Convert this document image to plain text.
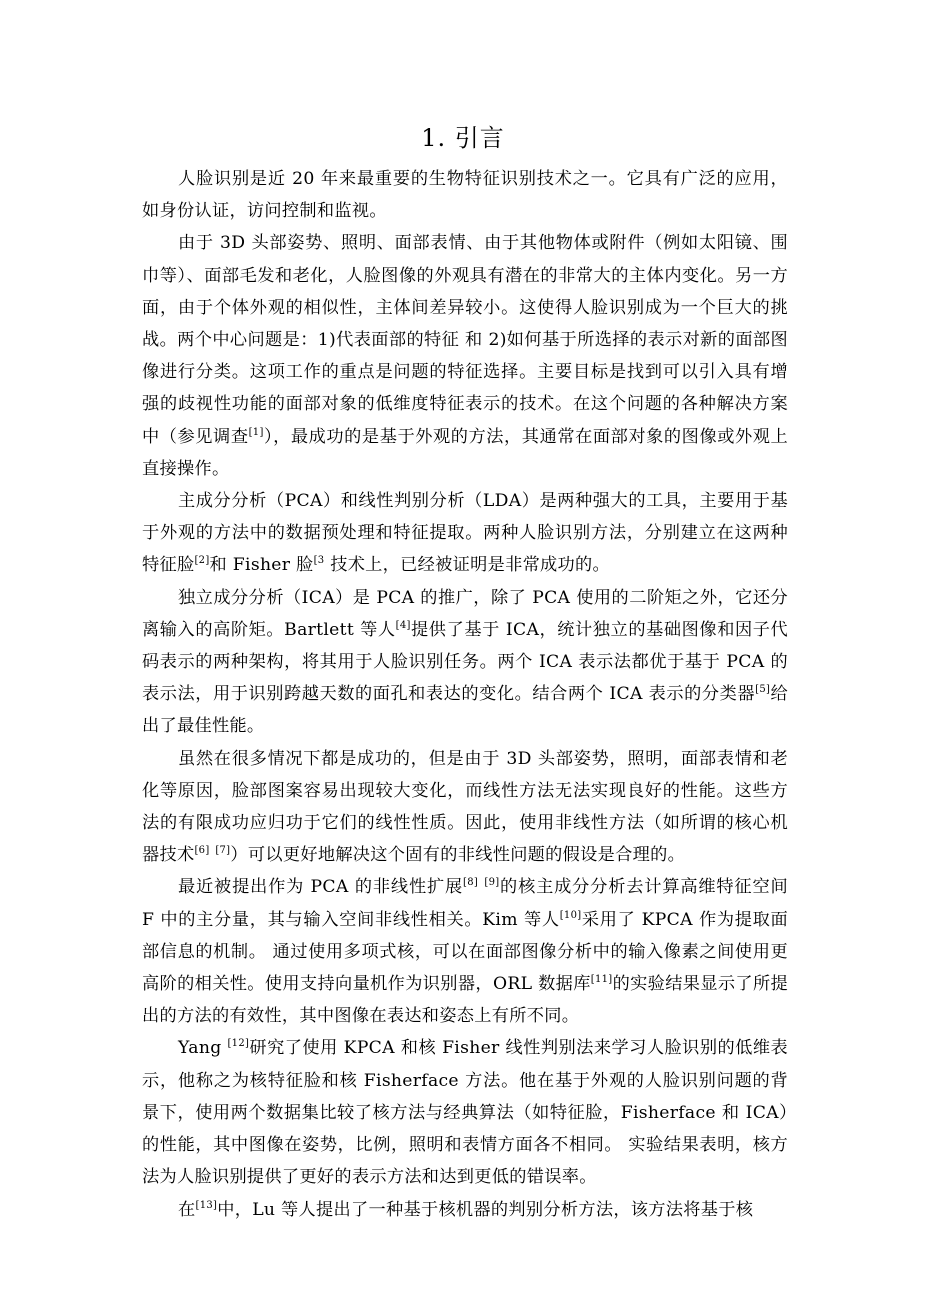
1. 引言

人脸识别是近 20 年来最重要的生物特征识别技术之一。它具有广泛的应用，如身份认证，访问控制和监视。

由于 3D 头部姿势、照明、面部表情、由于其他物体或附件（例如太阳镜、围巾等）、面部毛发和老化，人脸图像的外观具有潜在的非常大的主体内变化。另一方面，由于个体外观的相似性，主体间差异较小。这使得人脸识别成为一个巨大的挑战。两个中心问题是：1)代表面部的特征 和 2)如何基于所选择的表示对新的面部图像进行分类。这项工作的重点是问题的特征选择。主要目标是找到可以引入具有增强的歧视性功能的面部对象的低维度特征表示的技术。在这个问题的各种解决方案中（参见调查[1]），最成功的是基于外观的方法，其通常在面部对象的图像或外观上直接操作。

主成分分析（PCA）和线性判别分析（LDA）是两种强大的工具，主要用于基于外观的方法中的数据预处理和特征提取。两种人脸识别方法，分别建立在这两种特征脸[2]和 Fisher 脸$^{[3}$ 技术上，已经被证明是非常成功的。

独立成分分析（ICA）是 PCA 的推广，除了 PCA 使用的二阶矩之外，它还分离输入的高阶矩。Bartlett 等人[4]提供了基于 ICA，统计独立的基础图像和因子代码表示的两种架构，将其用于人脸识别任务。两个 ICA 表示法都优于基于 PCA 的表示法，用于识别跨越天数的面孔和表达的变化。结合两个 ICA 表示的分类器[5]给出了最佳性能。

虽然在很多情况下都是成功的，但是由于 3D 头部姿势，照明，面部表情和老化等原因，脸部图案容易出现较大变化，而线性方法无法实现良好的性能。这些方法的有限成功应归功于它们的线性性质。因此，使用非线性方法（如所谓的核心机器技术[6] [7]）可以更好地解决这个固有的非线性问题的假设是合理的。

最近被提出作为 PCA 的非线性扩展[8] [9]的核主成分分析去计算高维特征空间 F 中的主分量，其与输入空间非线性相关。Kim 等人[10]采用了 KPCA 作为提取面部信息的机制。 通过使用多项式核，可以在面部图像分析中的输入像素之间使用更高阶的相关性。使用支持向量机作为识别器，ORL 数据库[11]的实验结果显示了所提出的方法的有效性，其中图像在表达和姿态上有所不同。

Yang [12]研究了使用 KPCA 和核 Fisher 线性判别法来学习人脸识别的低维表示，他称之为核特征脸和核 Fisherface 方法。他在基于外观的人脸识别问题的背景下，使用两个数据集比较了核方法与经典算法（如特征脸，Fisherface 和 ICA）的性能，其中图像在姿势，比例，照明和表情方面各不相同。 实验结果表明，核方法为人脸识别提供了更好的表示方法和达到更低的错误率。

在[13]中，Lu 等人提出了一种基于核机器的判别分析方法，该方法将基于核
